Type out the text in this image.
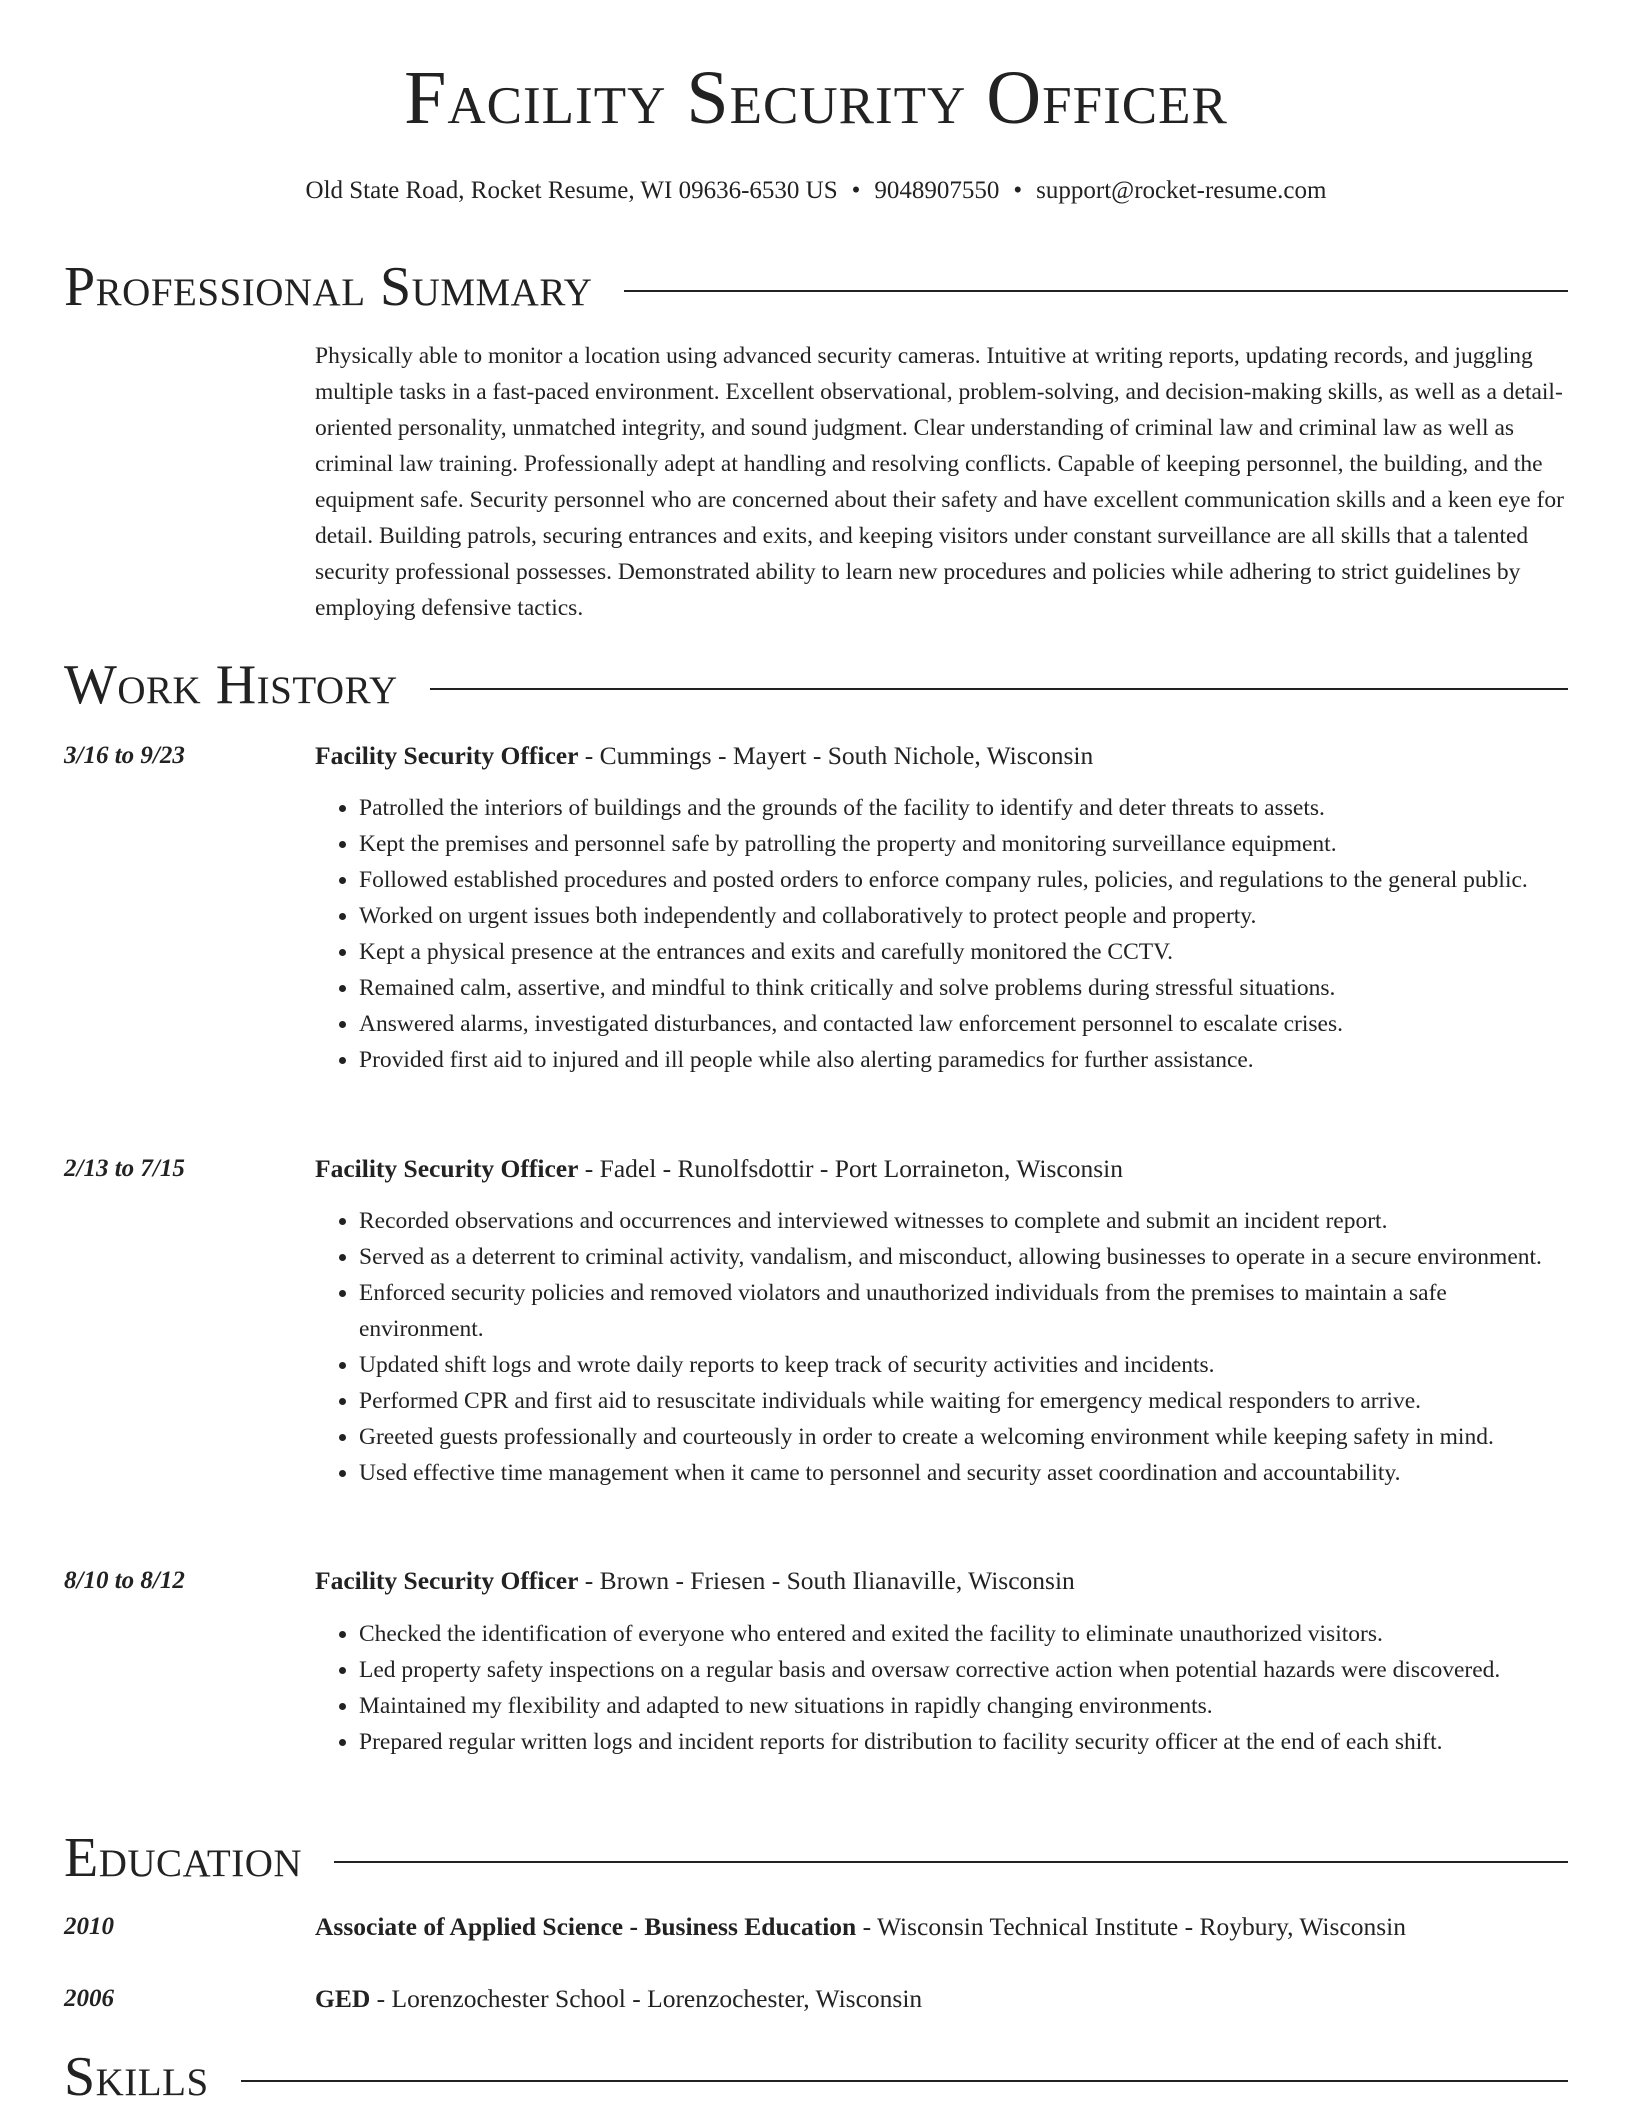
Facility Security Officer
Old State Road, Rocket Resume, WI 09636-6530 US • 9048907550 • support@rocket-resume.com
Professional Summary

Physically able to monitor a location using advanced security cameras. Intuitive at writing reports, updating records, and juggling multiple tasks in a fast-paced environment. Excellent observational, problem-solving, and decision-making skills, as well as a detail-oriented personality, unmatched integrity, and sound judgment. Clear understanding of criminal law and criminal law as well as criminal law training. Professionally adept at handling and resolving conflicts. Capable of keeping personnel, the building, and the equipment safe. Security personnel who are concerned about their safety and have excellent communication skills and a keen eye for detail. Building patrols, securing entrances and exits, and keeping visitors under constant surveillance are all skills that a talented security professional possesses. Demonstrated ability to learn new procedures and policies while adhering to strict guidelines by employing defensive tactics.

Work History
3/16 to 9/23	Facility Security Officer - Cummings - Mayert - South Nichole, Wisconsin
• Patrolled the interiors of buildings and the grounds of the facility to identify and deter threats to assets.
• Kept the premises and personnel safe by patrolling the property and monitoring surveillance equipment.
• Followed established procedures and posted orders to enforce company rules, policies, and regulations to the general public.
• Worked on urgent issues both independently and collaboratively to protect people and property.
• Kept a physical presence at the entrances and exits and carefully monitored the CCTV.
• Remained calm, assertive, and mindful to think critically and solve problems during stressful situations.
• Answered alarms, investigated disturbances, and contacted law enforcement personnel to escalate crises.
• Provided first aid to injured and ill people while also alerting paramedics for further assistance.
2/13 to 7/15	Facility Security Officer - Fadel - Runolfsdottir - Port Lorraineton, Wisconsin
• Recorded observations and occurrences and interviewed witnesses to complete and submit an incident report.
• Served as a deterrent to criminal activity, vandalism, and misconduct, allowing businesses to operate in a secure environment.
• Enforced security policies and removed violators and unauthorized individuals from the premises to maintain a safe environment.
• Updated shift logs and wrote daily reports to keep track of security activities and incidents.
• Performed CPR and first aid to resuscitate individuals while waiting for emergency medical responders to arrive.
• Greeted guests professionally and courteously in order to create a welcoming environment while keeping safety in mind.
• Used effective time management when it came to personnel and security asset coordination and accountability.
8/10 to 8/12	Facility Security Officer - Brown - Friesen - South Ilianaville, Wisconsin
• Checked the identification of everyone who entered and exited the facility to eliminate unauthorized visitors.
• Led property safety inspections on a regular basis and oversaw corrective action when potential hazards were discovered.
• Maintained my flexibility and adapted to new situations in rapidly changing environments.
• Prepared regular written logs and incident reports for distribution to facility security officer at the end of each shift.
Education
2010	Associate of Applied Science - Business Education - Wisconsin Technical Institute - Roybury, Wisconsin
2006	GED - Lorenzochester School - Lorenzochester, Wisconsin
Skills
